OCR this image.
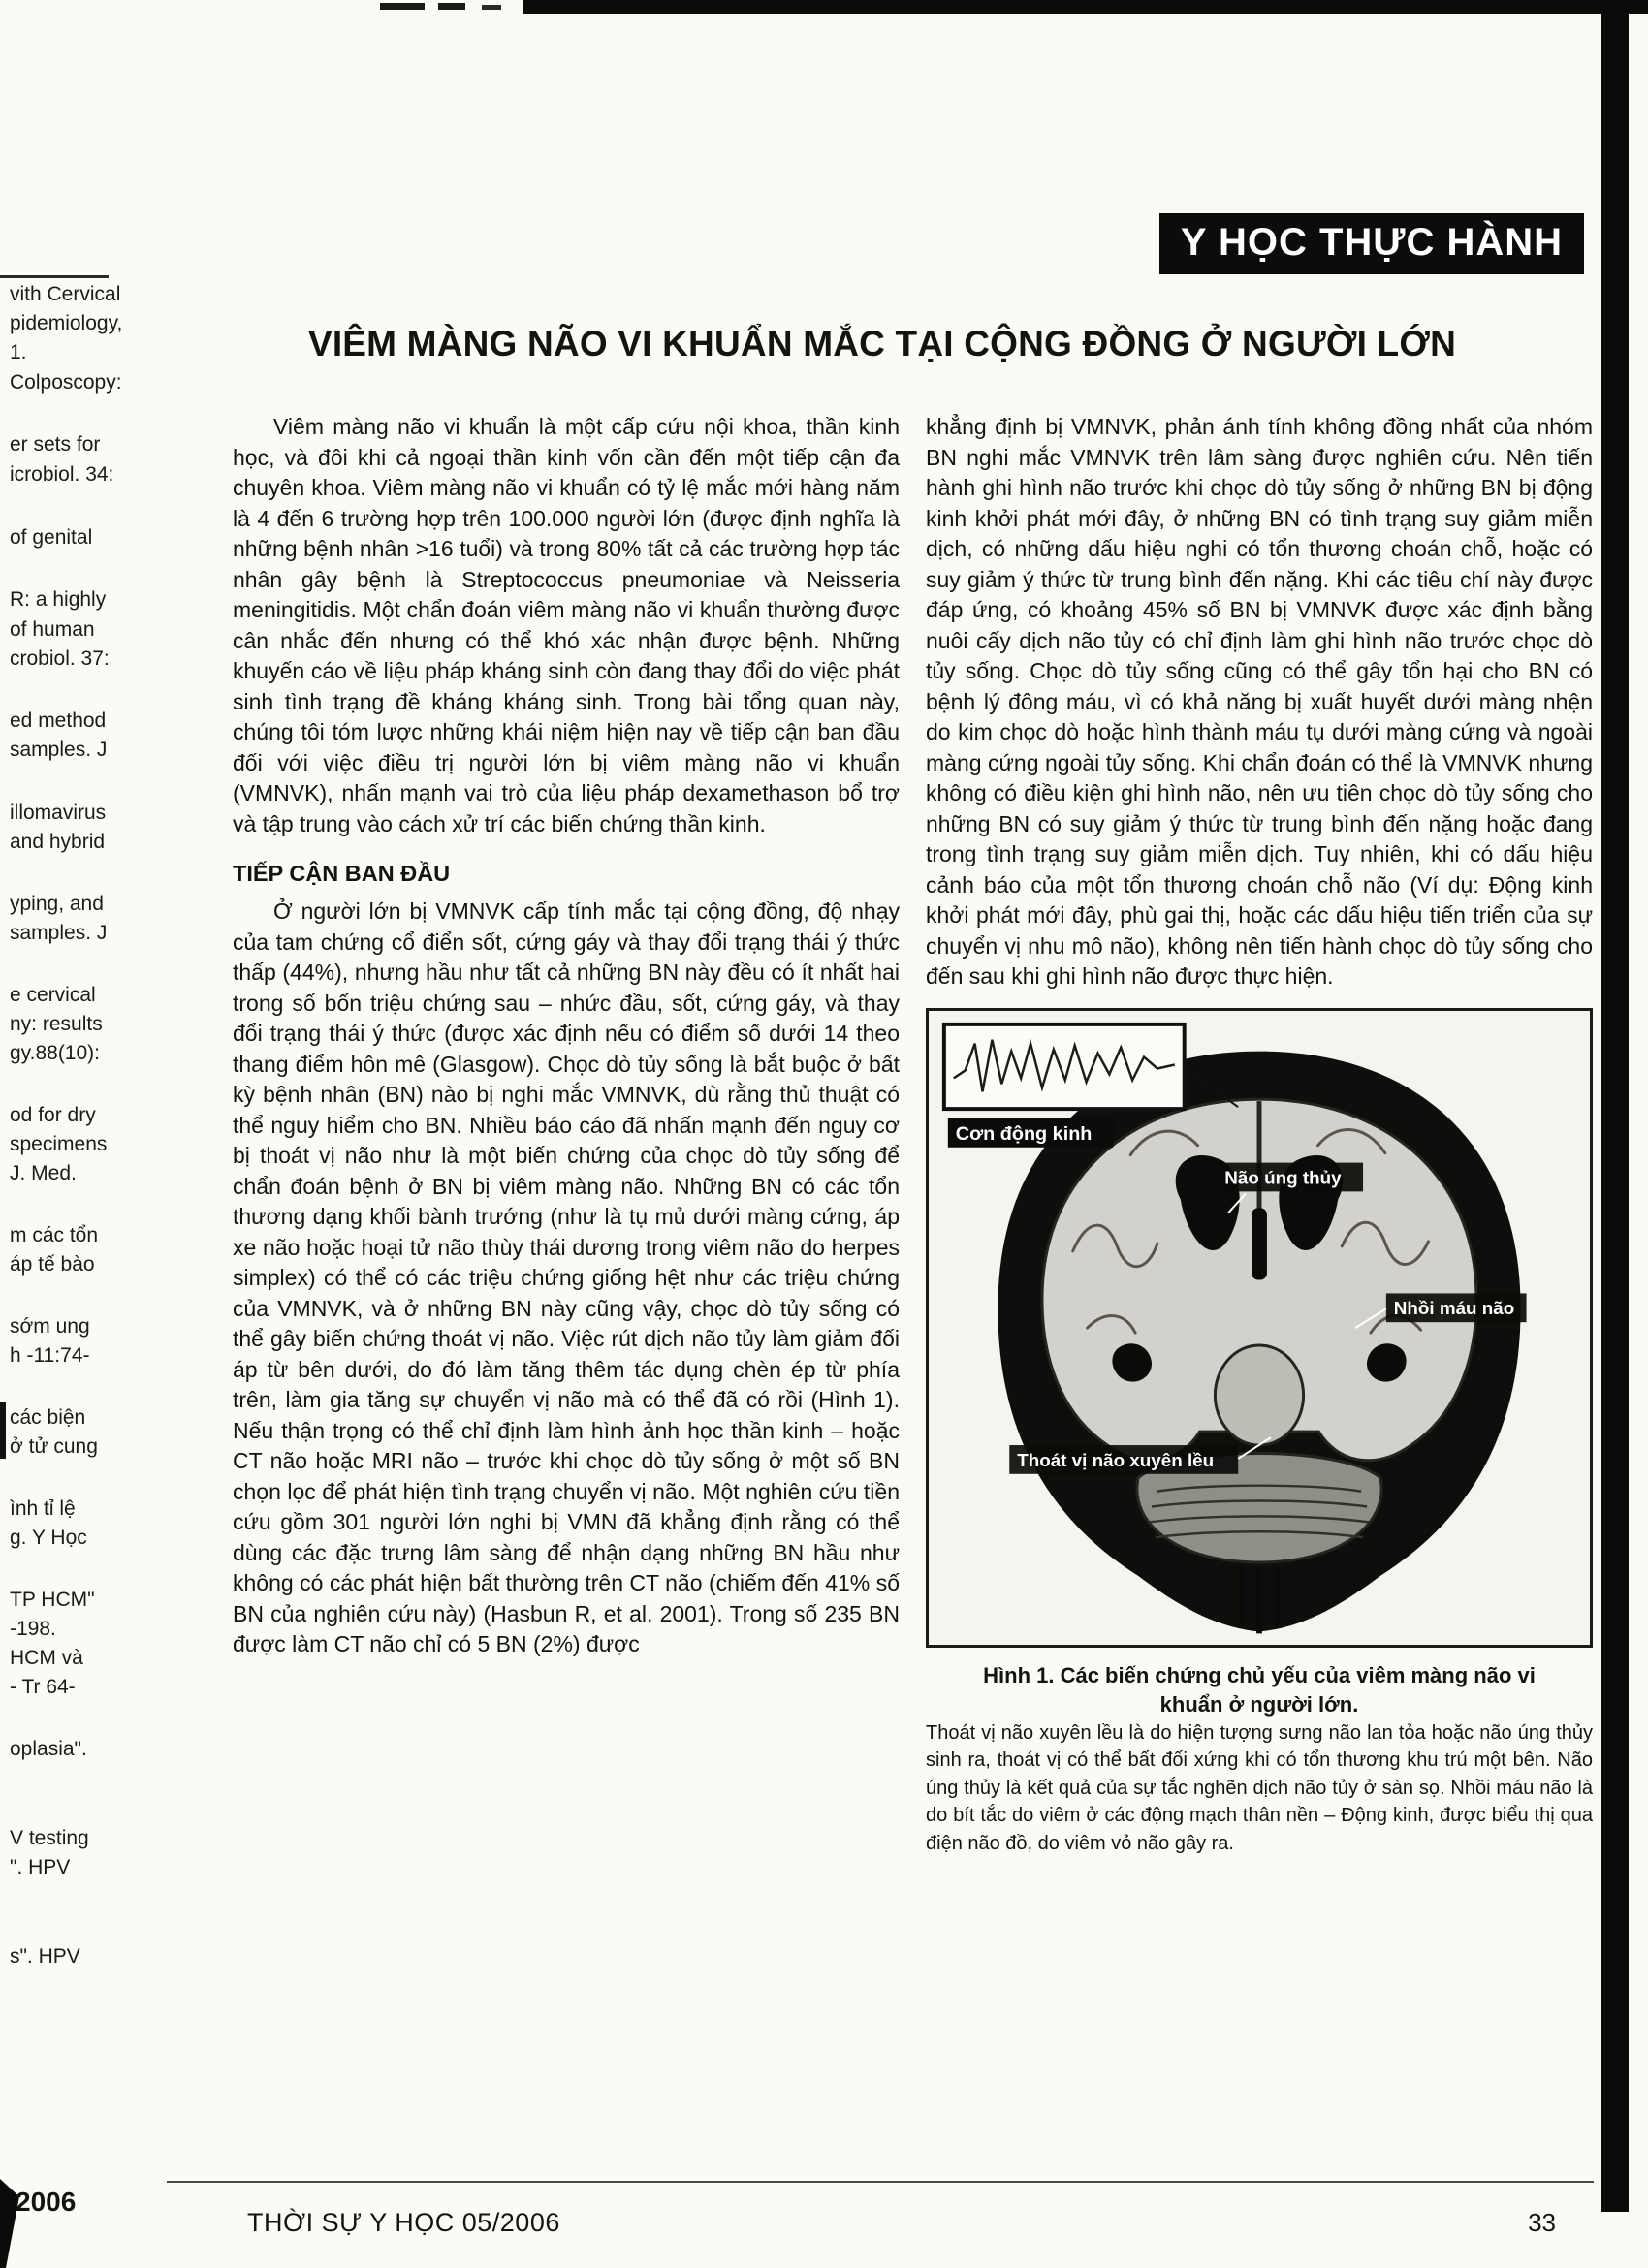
vith Cervical
pidemiology,
1.
Colposcopy:
er sets for
icrobiol. 34:
of genital
R: a highly
of human
crobiol. 37:
ed method
samples. J
illomavirus
and hybrid
yping, and
samples. J
e cervical
ny: results
gy.88(10):
od for dry
specimens
J. Med.
m các tổn
áp tế bào
sớm ung
h -11:74-
các biện
ở tử cung
ình tỉ lệ
g. Y Học
TP HCM"
-198.
HCM và
- Tr 64-
oplasia".
V testing
". HPV
s". HPV
Y HỌC THỰC HÀNH
VIÊM MÀNG NÃO VI KHUẨN MẮC TẠI CỘNG ĐỒNG Ở NGƯỜI LỚN

Viêm màng não vi khuẩn là một cấp cứu nội khoa, thần kinh học, và đôi khi cả ngoại thần kinh vốn cần đến một tiếp cận đa chuyên khoa. Viêm màng não vi khuẩn có tỷ lệ mắc mới hàng năm là 4 đến 6 trường hợp trên 100.000 người lớn (được định nghĩa là những bệnh nhân >16 tuổi) và trong 80% tất cả các trường hợp tác nhân gây bệnh là Streptococcus pneumoniae và Neisseria meningitidis. Một chẩn đoán viêm màng não vi khuẩn thường được cân nhắc đến nhưng có thể khó xác nhận được bệnh. Những khuyến cáo về liệu pháp kháng sinh còn đang thay đổi do việc phát sinh tình trạng đề kháng kháng sinh. Trong bài tổng quan này, chúng tôi tóm lược những khái niệm hiện nay về tiếp cận ban đầu đối với việc điều trị người lớn bị viêm màng não vi khuẩn (VMNVK), nhấn mạnh vai trò của liệu pháp dexamethason bổ trợ và tập trung vào cách xử trí các biến chứng thần kinh.

TIẾP CẬN BAN ĐẦU

Ở người lớn bị VMNVK cấp tính mắc tại cộng đồng, độ nhạy của tam chứng cổ điển sốt, cứng gáy và thay đổi trạng thái ý thức thấp (44%), nhưng hầu như tất cả những BN này đều có ít nhất hai trong số bốn triệu chứng sau – nhức đầu, sốt, cứng gáy, và thay đổi trạng thái ý thức (được xác định nếu có điểm số dưới 14 theo thang điểm hôn mê (Glasgow). Chọc dò tủy sống là bắt buộc ở bất kỳ bệnh nhân (BN) nào bị nghi mắc VMNVK, dù rằng thủ thuật có thể nguy hiểm cho BN. Nhiều báo cáo đã nhấn mạnh đến nguy cơ bị thoát vị não như là một biến chứng của chọc dò tủy sống để chẩn đoán bệnh ở BN bị viêm màng não. Những BN có các tổn thương dạng khối bành trướng (như là tụ mủ dưới màng cứng, áp xe não hoặc hoại tử não thùy thái dương trong viêm não do herpes simplex) có thể có các triệu chứng giống hệt như các triệu chứng của VMNVK, và ở những BN này cũng vậy, chọc dò tủy sống có thể gây biến chứng thoát vị não. Việc rút dịch não tủy làm giảm đối áp từ bên dưới, do đó làm tăng thêm tác dụng chèn ép từ phía trên, làm gia tăng sự chuyển vị não mà có thể đã có rồi (Hình 1). Nếu thận trọng có thể chỉ định làm hình ảnh học thần kinh – hoặc CT não hoặc MRI não – trước khi chọc dò tủy sống ở một số BN chọn lọc để phát hiện tình trạng chuyển vị não. Một nghiên cứu tiền cứu gồm 301 người lớn nghi bị VMN đã khẳng định rằng có thể dùng các đặc trưng lâm sàng để nhận dạng những BN hầu như không có các phát hiện bất thường trên CT não (chiếm đến 41% số BN của nghiên cứu này) (Hasbun R, et al. 2001). Trong số 235 BN được làm CT não chỉ có 5 BN (2%) được

khẳng định bị VMNVK, phản ánh tính không đồng nhất của nhóm BN nghi mắc VMNVK trên lâm sàng được nghiên cứu. Nên tiến hành ghi hình não trước khi chọc dò tủy sống ở những BN bị động kinh khởi phát mới đây, ở những BN có tình trạng suy giảm miễn dịch, có những dấu hiệu nghi có tổn thương choán chỗ, hoặc có suy giảm ý thức từ trung bình đến nặng. Khi các tiêu chí này được đáp ứng, có khoảng 45% số BN bị VMNVK được xác định bằng nuôi cấy dịch não tủy có chỉ định làm ghi hình não trước chọc dò tủy sống. Chọc dò tủy sống cũng có thể gây tổn hại cho BN có bệnh lý đông máu, vì có khả năng bị xuất huyết dưới màng nhện do kim chọc dò hoặc hình thành máu tụ dưới màng cứng và ngoài màng cứng ngoài tủy sống. Khi chẩn đoán có thể là VMNVK nhưng không có điều kiện ghi hình não, nên ưu tiên chọc dò tủy sống cho những BN có suy giảm ý thức từ trung bình đến nặng hoặc đang trong tình trạng suy giảm miễn dịch. Tuy nhiên, khi có dấu hiệu cảnh báo của một tổn thương choán chỗ não (Ví dụ: Động kinh khởi phát mới đây, phù gai thị, hoặc các dấu hiệu tiến triển của sự chuyển vị nhu mô não), không nên tiến hành chọc dò tủy sống cho đến sau khi ghi hình não được thực hiện.

Cơn động kinh
Não úng thủy
Nhồi máu não
Thoát vị não xuyên lều
Hình 1. Các biến chứng chủ yếu của viêm màng não vi khuẩn ở người lớn.

Thoát vị não xuyên lều là do hiện tượng sưng não lan tỏa hoặc não úng thủy sinh ra, thoát vị có thể bất đối xứng khi có tổn thương khu trú một bên. Não úng thủy là kết quả của sự tắc nghẽn dịch não tủy ở sàn sọ. Nhồi máu não là do bít tắc do viêm ở các động mạch thân nền – Động kinh, được biểu thị qua điện não đồ, do viêm vỏ não gây ra.

THỜI SỰ Y HỌC 05/2006	33
2006
